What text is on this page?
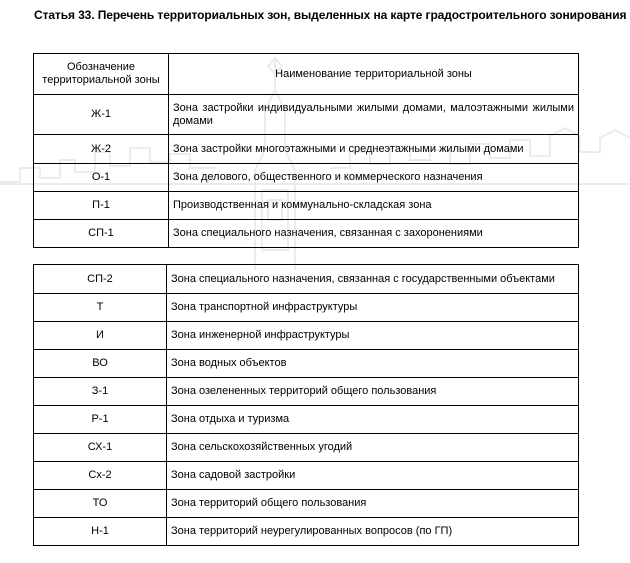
Статья 33. Перечень территориальных зон, выделенных на карте градостроительного зонирования
Обозначение территориальной зоны	Наименование территориальной зоны
Ж-1	Зона застройки индивидуальными жилыми домами, малоэтажными жилыми домами
Ж-2	Зона застройки многоэтажными и среднеэтажными жилыми домами
О-1	Зона делового, общественного и коммерческого назначения
П-1	Производственная и коммунально-складская зона
СП-1	Зона специального назначения, связанная с захоронениями
СП-2	Зона специального назначения, связанная с государственными объектами
Т	Зона транспортной инфраструктуры
И	Зона инженерной инфраструктуры
ВО	Зона водных объектов
З-1	Зона озелененных территорий общего пользования
Р-1	Зона отдыха и туризма
СХ-1	Зона сельскохозяйственных угодий
Сх-2	Зона садовой застройки
ТО	Зона территорий общего пользования
Н-1	Зона территорий неурегулированных вопросов (по ГП)
